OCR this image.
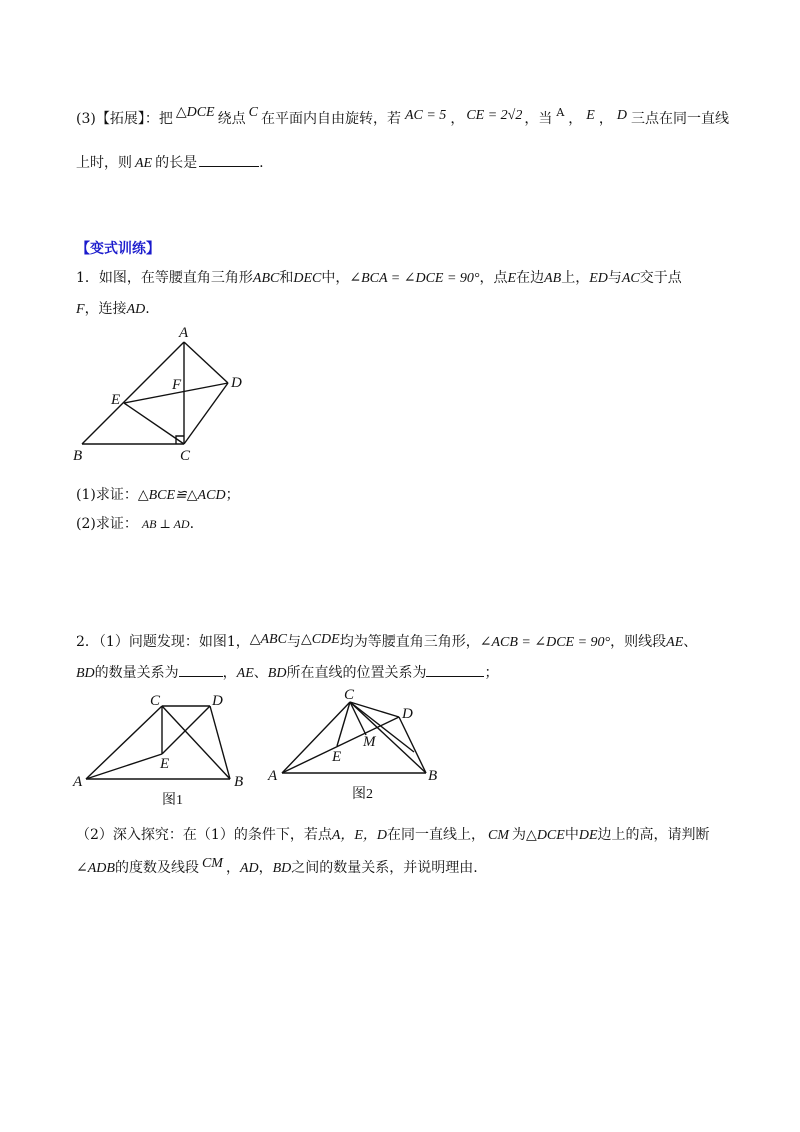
(3)【拓展】：把 △DCE 绕点 C 在平面内自由旋转，若 AC = 5 ， CE = 2√2 ，当 $^A$ ， E ， D 三点在同一直线
上时，则 AE 的长是	.
【变式训练】
1．如图，在等腰直角三角形ABC和DEC中，∠BCA = ∠DCE = 90°，点E在边AB上，ED与AC交于点
F，连接AD.
A
B	C
D
E
F
(1)求证：△BCE≌△ACD；
(2)求证： AB ⊥ AD.
2．（1）问题发现：如图1，△ABC与△CDE均为等腰直角三角形，∠ACB = ∠DCE = 90°，则线段AE、
BD的数量关系为	，AE、BD所在直线的位置关系为	；
A	B
C	D
E
图1
A	B
C
D
E
M
图2
（2）深入探究：在（1）的条件下，若点A，E，D在同一直线上， CM 为△DCE中DE边上的高，请判断
∠ADB的度数及线段 CM ，AD，BD之间的数量关系，并说明理由.
